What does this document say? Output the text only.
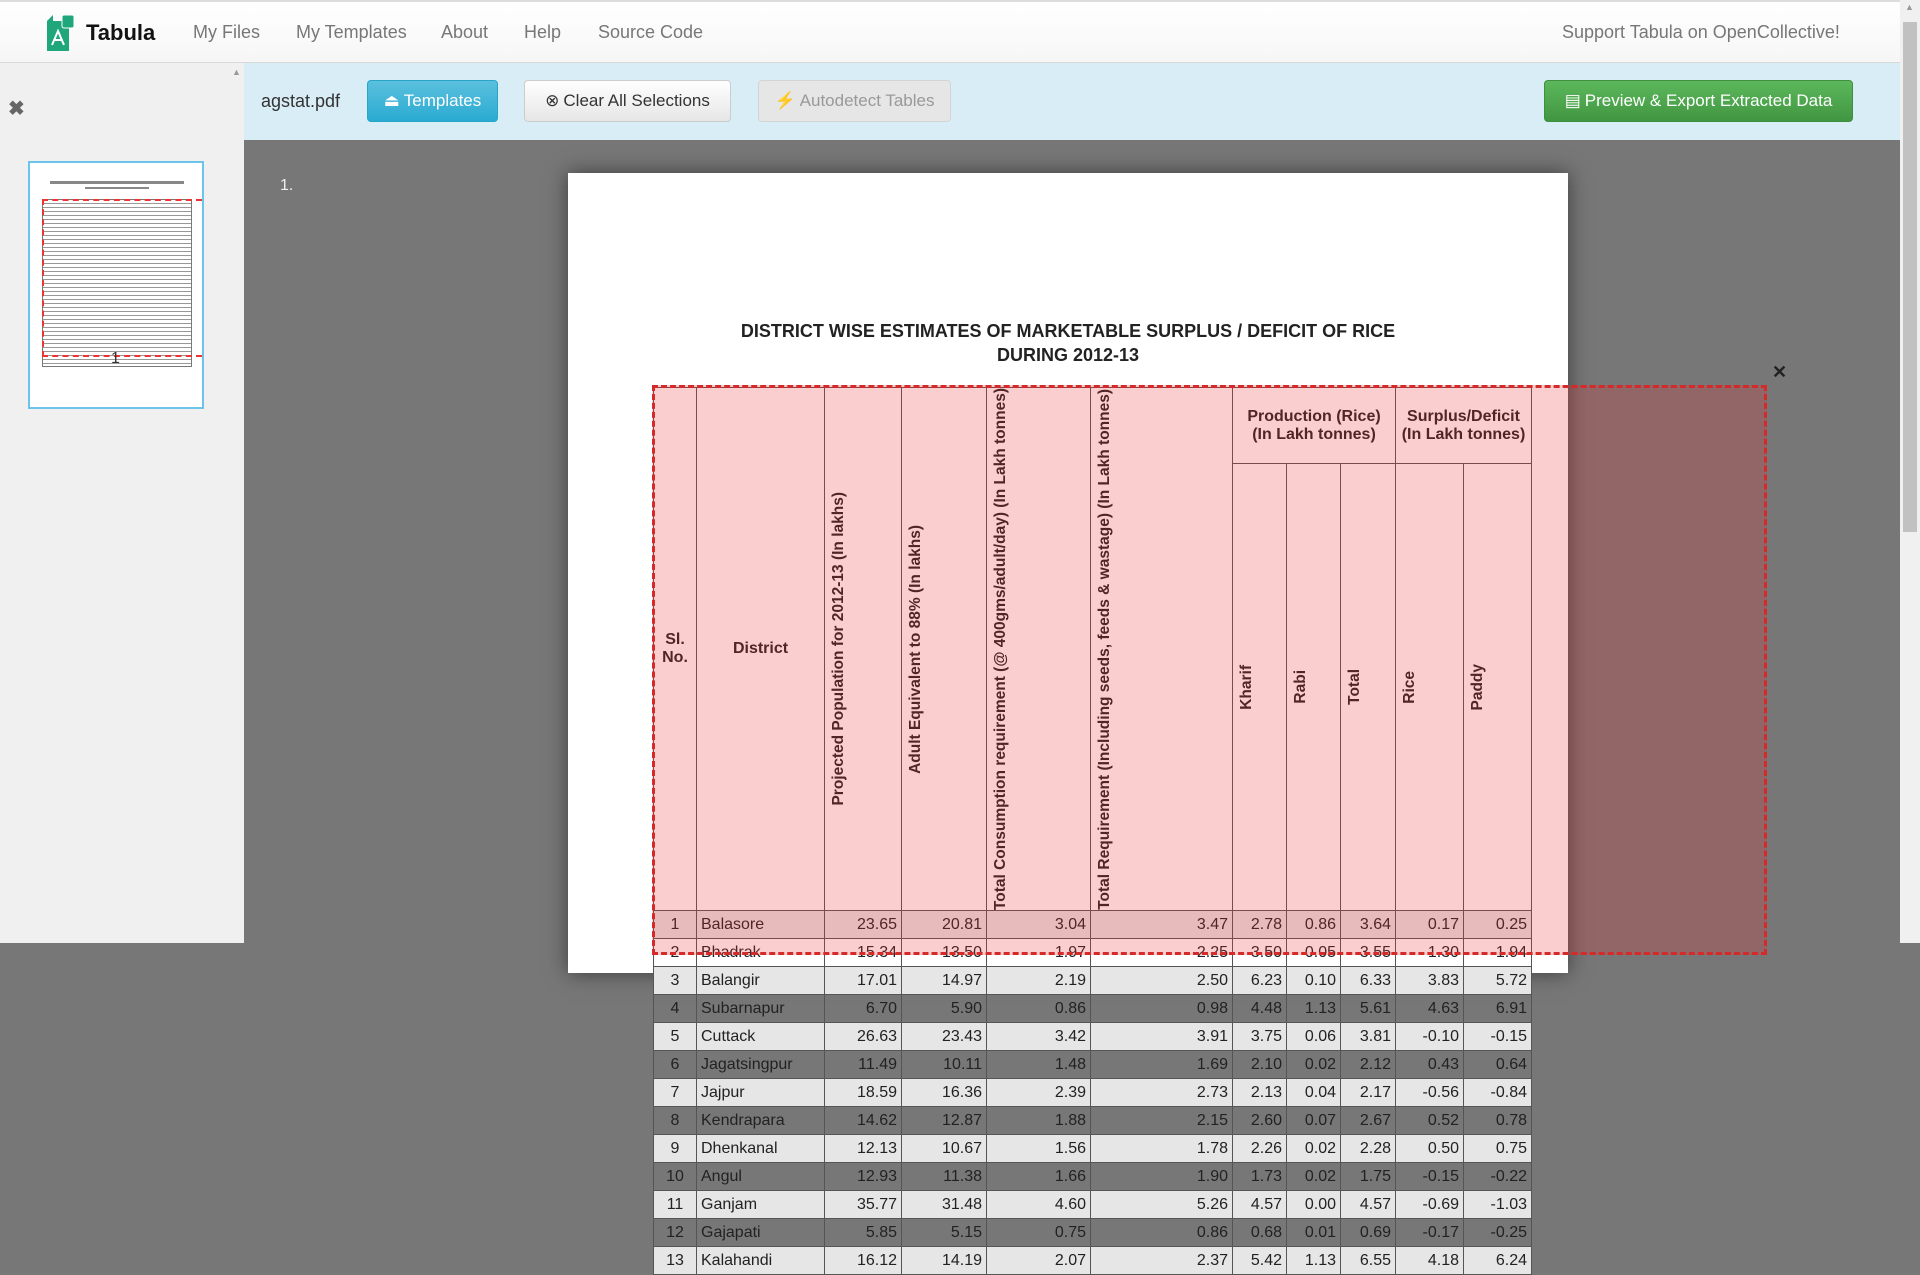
Tabula My Files My Templates About Help Source Code	Support Tabula on OpenCollective!
✖
1
▲
agstat.pdf	⏏ Templates	⊗ Clear All Selections	⚡ Autodetect Tables	▤ Preview & Export Extracted Data
1.
DISTRICT WISE ESTIMATES OF MARKETABLE SURPLUS / DEFICIT OF RICE
DURING 2012-13
Sl. No.	District	Projected Population for 2012-13 (In lakhs)	Adult Equivalent to 88% (In lakhs)	Total Consumption requirement (@ 400gms/adult/day) (In Lakh tonnes)	Total Requirement (Including seeds, feeds & wastage) (In Lakh tonnes)	Production (Rice) (In Lakh tonnes)			Surplus/Deficit (In Lakh tonnes)	

						Kharif	Rabi	Total	Rice	Paddy

1	Balasore	23.65	20.81	3.04	3.47	2.78	0.86	3.64	0.17	0.25
2	Bhadrak	15.34	13.50	1.97	2.25	3.50	0.05	3.55	1.30	1.94
3	Balangir	17.01	14.97	2.19	2.50	6.23	0.10	6.33	3.83	5.72
4	Subarnapur	6.70	5.90	0.86	0.98	4.48	1.13	5.61	4.63	6.91
5	Cuttack	26.63	23.43	3.42	3.91	3.75	0.06	3.81	-0.10	-0.15
6	Jagatsingpur	11.49	10.11	1.48	1.69	2.10	0.02	2.12	0.43	0.64
7	Jajpur	18.59	16.36	2.39	2.73	2.13	0.04	2.17	-0.56	-0.84
8	Kendrapara	14.62	12.87	1.88	2.15	2.60	0.07	2.67	0.52	0.78
9	Dhenkanal	12.13	10.67	1.56	1.78	2.26	0.02	2.28	0.50	0.75
10	Angul	12.93	11.38	1.66	1.90	1.73	0.02	1.75	-0.15	-0.22
11	Ganjam	35.77	31.48	4.60	5.26	4.57	0.00	4.57	-0.69	-1.03
12	Gajapati	5.85	5.15	0.75	0.86	0.68	0.01	0.69	-0.17	-0.25
13	Kalahandi	16.12	14.19	2.07	2.37	5.42	1.13	6.55	4.18	6.24
✕
▲
